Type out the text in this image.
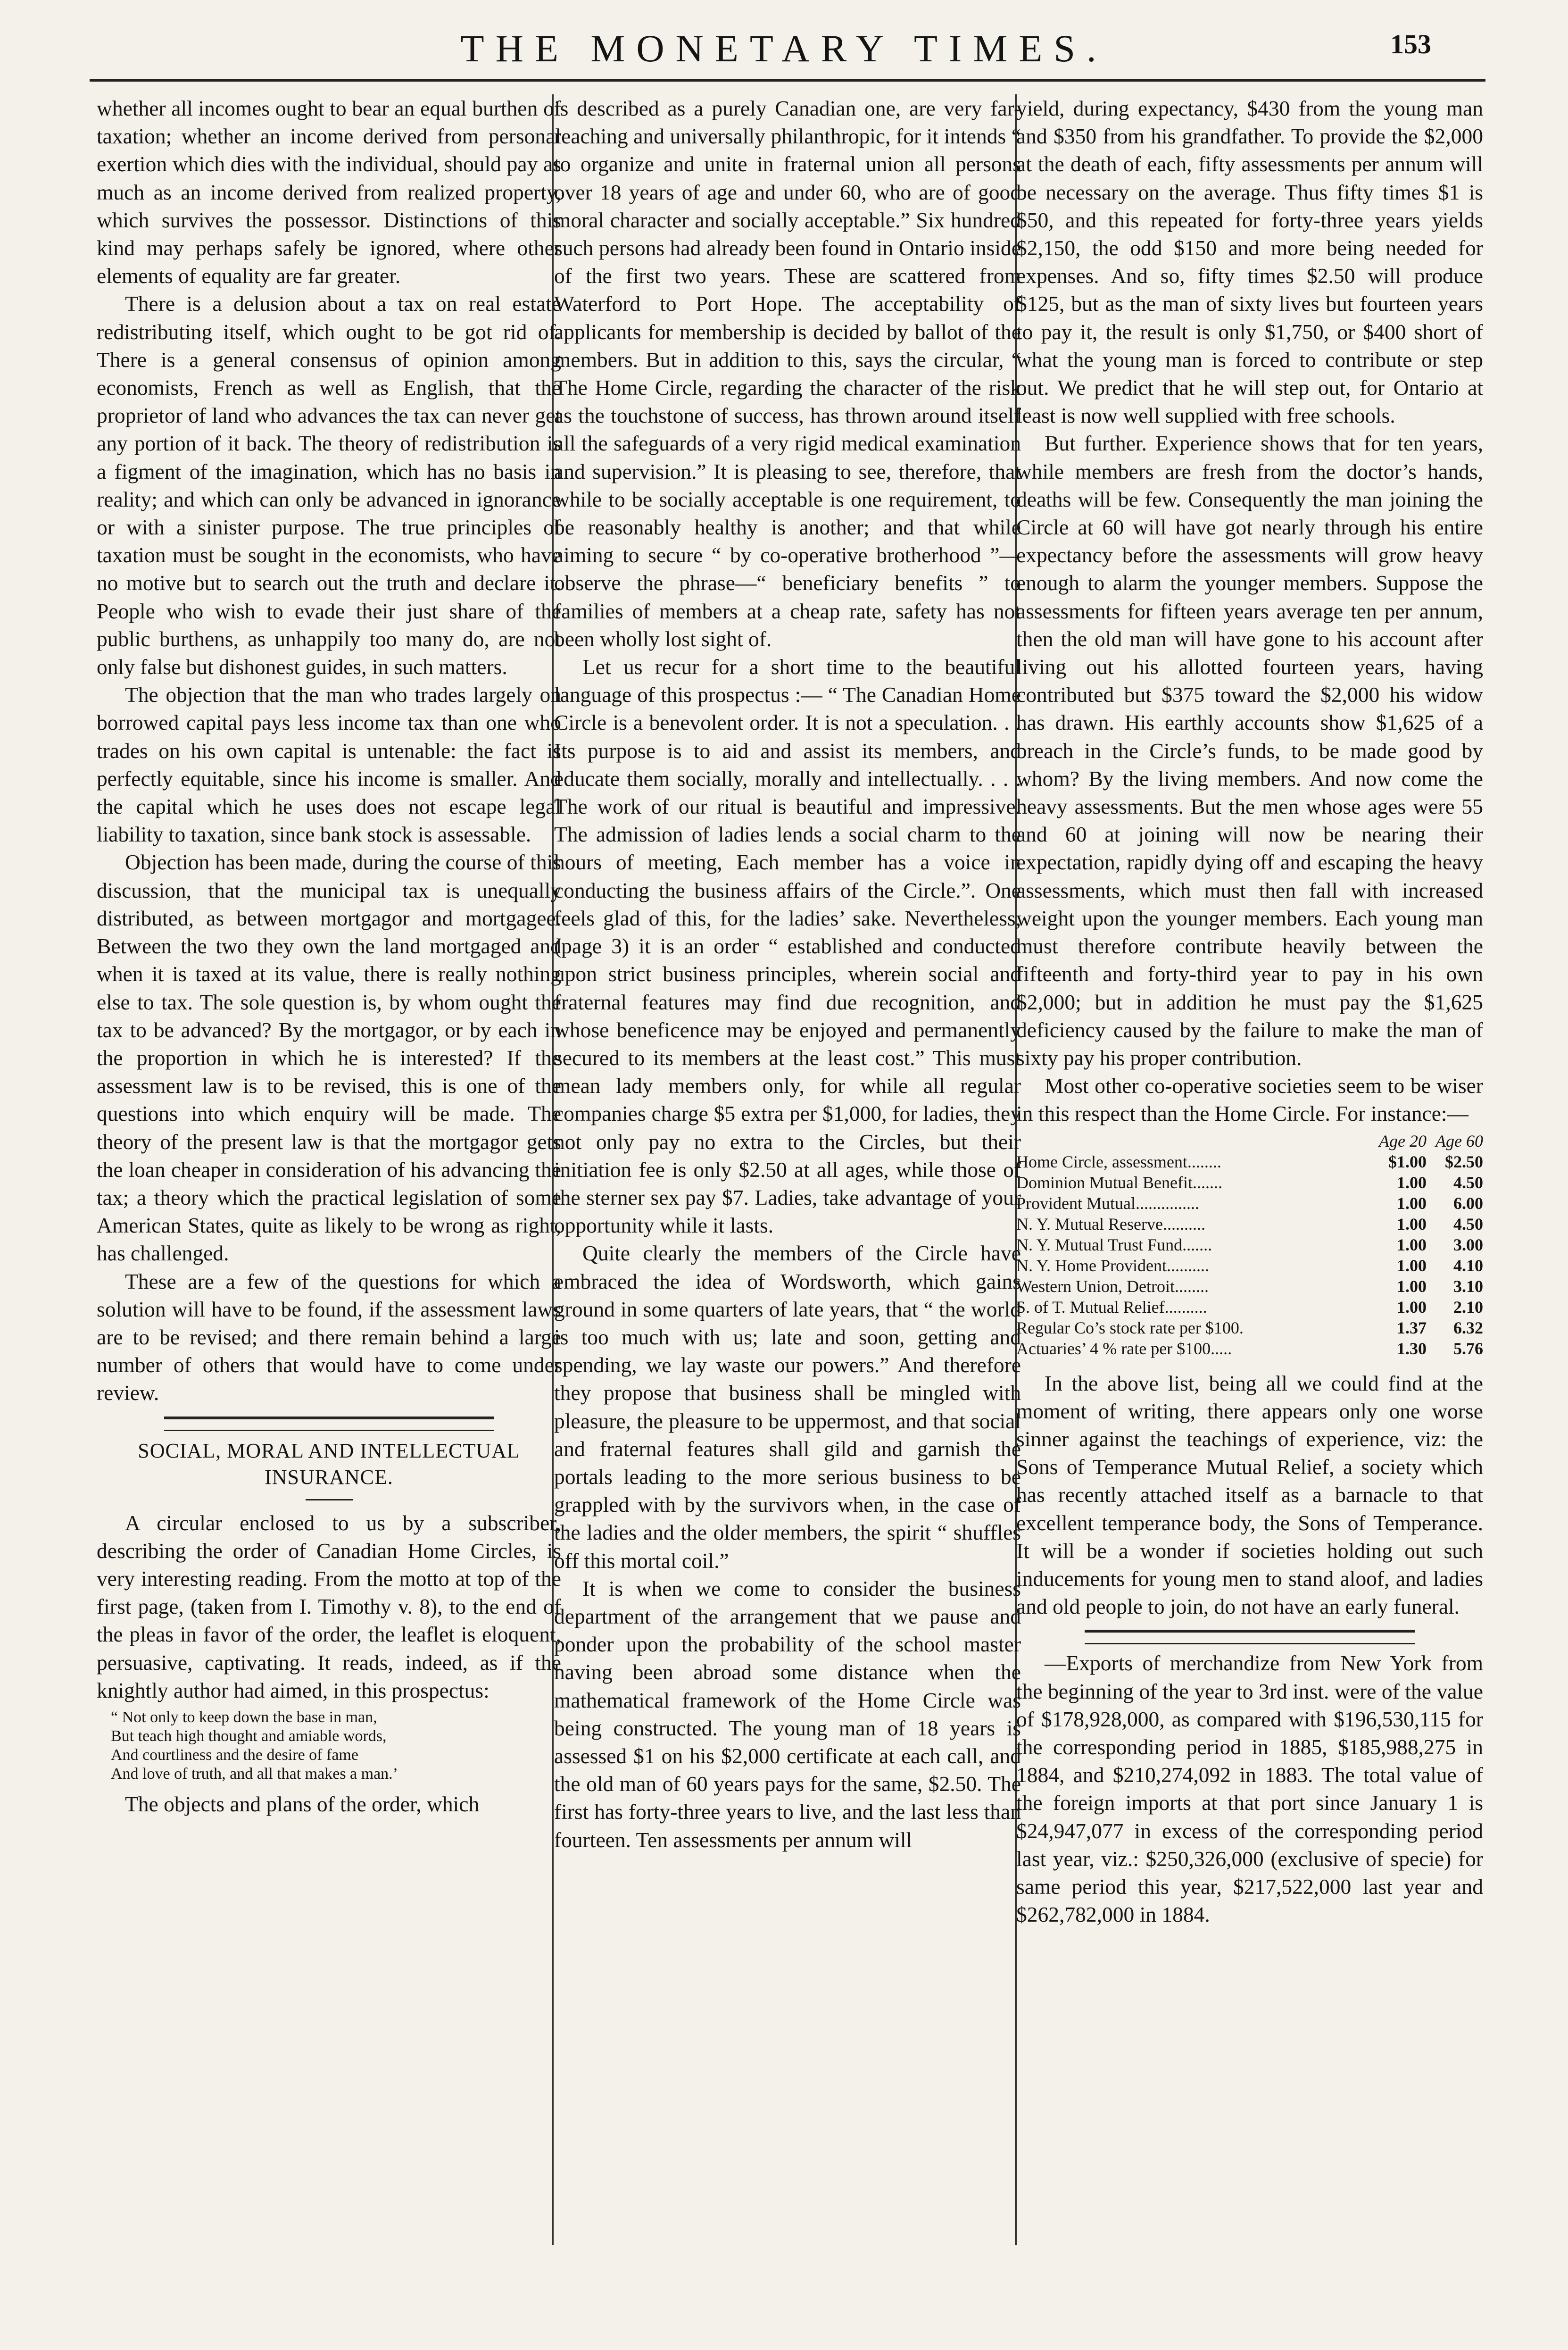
THE MONETARY TIMES.	153

whether all incomes ought to bear an equal burthen of taxation; whether an income derived from personal exertion which dies with the individual, should pay as much as an income derived from realized property, which survives the possessor. Distinctions of this kind may perhaps safely be ignored, where other elements of equality are far greater.

There is a delusion about a tax on real estate redistributing itself, which ought to be got rid of. There is a general consensus of opinion among economists, French as well as English, that the proprietor of land who advances the tax can never get any portion of it back. The theory of redistribution is a figment of the imagination, which has no basis in reality; and which can only be advanced in ignorance or with a sinister purpose. The true principles of taxation must be sought in the economists, who have no motive but to search out the truth and declare it. People who wish to evade their just share of the public burthens, as unhappily too many do, are not only false but dishonest guides, in such matters.

The objection that the man who trades largely on borrowed capital pays less income tax than one who trades on his own capital is untenable: the fact is perfectly equitable, since his income is smaller. And the capital which he uses does not escape legal liability to taxation, since bank stock is assessable.

Objection has been made, during the course of this discussion, that the municipal tax is unequally distributed, as between mortgagor and mortgagee. Between the two they own the land mortgaged and when it is taxed at its value, there is really nothing else to tax. The sole question is, by whom ought the tax to be advanced? By the mortgagor, or by each in the proportion in which he is interested? If the assessment law is to be revised, this is one of the questions into which enquiry will be made. The theory of the present law is that the mortgagor gets the loan cheaper in consideration of his advancing the tax; a theory which the practical legislation of some American States, quite as likely to be wrong as right, has challenged.

These are a few of the questions for which a solution will have to be found, if the assessment laws are to be revised; and there remain behind a large number of others that would have to come under review.

SOCIAL, MORAL AND INTELLECTUAL INSURANCE.

A circular enclosed to us by a subscriber, describing the order of Canadian Home Circles, is very interesting reading. From the motto at top of the first page, (taken from I. Timothy v. 8), to the end of the pleas in favor of the order, the leaflet is eloquent, persuasive, captivating. It reads, indeed, as if the knightly author had aimed, in this prospectus:

“ Not only to keep down the base in man,
But teach high thought and amiable words,
And courtliness and the desire of fame
And love of truth, and all that makes a man.’

The objects and plans of the order, which

is described as a purely Canadian one, are very far-reaching and universally philanthropic, for it intends “ to organize and unite in fraternal union all persons over 18 years of age and under 60, who are of good moral character and socially acceptable.” Six hundred such persons had already been found in Ontario inside of the first two years. These are scattered from Waterford to Port Hope. The acceptability of applicants for membership is decided by ballot of the members. But in addition to this, says the circular, “ The Home Circle, regarding the character of the risk as the touchstone of success, has thrown around itself all the safeguards of a very rigid medical examination and supervision.” It is pleasing to see, therefore, that while to be socially acceptable is one requirement, to be reasonably healthy is another; and that while aiming to secure “ by co-operative brotherhood ”—observe the phrase—“ beneficiary benefits ” to families of members at a cheap rate, safety has not been wholly lost sight of.

Let us recur for a short time to the beautiful language of this prospectus :— “ The Canadian Home Circle is a benevolent order. It is not a speculation. . . Its purpose is to aid and assist its members, and educate them socially, morally and intellectually. . . . The work of our ritual is beautiful and impressive. The admission of ladies lends a social charm to the hours of meeting, Each member has a voice in conducting the business affairs of the Circle.”. One feels glad of this, for the ladies’ sake. Nevertheless, (page 3) it is an order “ established and conducted upon strict business principles, wherein social and fraternal features may find due recognition, and whose beneficence may be enjoyed and permanently secured to its members at the least cost.” This must mean lady members only, for while all regular companies charge $5 extra per $1,000, for ladies, they not only pay no extra to the Circles, but their initiation fee is only $2.50 at all ages, while those of the sterner sex pay $7. Ladies, take advantage of your opportunity while it lasts.

Quite clearly the members of the Circle have embraced the idea of Wordsworth, which gains ground in some quarters of late years, that “ the world is too much with us; late and soon, getting and spending, we lay waste our powers.” And therefore they propose that business shall be mingled with pleasure, the pleasure to be uppermost, and that social and fraternal features shall gild and garnish the portals leading to the more serious business to be grappled with by the survivors when, in the case of the ladies and the older members, the spirit “ shuffles off this mortal coil.”

It is when we come to consider the business department of the arrangement that we pause and ponder upon the probability of the school master having been abroad some distance when the mathematical framework of the Home Circle was being constructed. The young man of 18 years is assessed $1 on his $2,000 certificate at each call, and the old man of 60 years pays for the same, $2.50. The first has forty-three years to live, and the last less than fourteen. Ten assessments per annum will

yield, during expectancy, $430 from the young man and $350 from his grandfather. To provide the $2,000 at the death of each, fifty assessments per annum will be necessary on the average. Thus fifty times $1 is $50, and this repeated for forty-three years yields $2,150, the odd $150 and more being needed for expenses. And so, fifty times $2.50 will produce $125, but as the man of sixty lives but fourteen years to pay it, the result is only $1,750, or $400 short of what the young man is forced to contribute or step out. We predict that he will step out, for Ontario at least is now well supplied with free schools.

But further. Experience shows that for ten years, while members are fresh from the doctor’s hands, deaths will be few. Consequently the man joining the Circle at 60 will have got nearly through his entire expectancy before the assessments will grow heavy enough to alarm the younger members. Suppose the assessments for fifteen years average ten per annum, then the old man will have gone to his account after living out his allotted fourteen years, having contributed but $375 toward the $2,000 his widow has drawn. His earthly accounts show $1,625 of a breach in the Circle’s funds, to be made good by whom? By the living members. And now come the heavy assessments. But the men whose ages were 55 and 60 at joining will now be nearing their expectation, rapidly dying off and escaping the heavy assessments, which must then fall with increased weight upon the younger members. Each young man must therefore contribute heavily between the fifteenth and forty-third year to pay in his own $2,000; but in addition he must pay the $1,625 deficiency caused by the failure to make the man of sixty pay his proper contribution.

Most other co-operative societies seem to be wiser in this respect than the Home Circle. For instance:—

	Age 20	Age 60
Home Circle, assessment........	$1.00	$2.50
Dominion Mutual Benefit.......	1.00	4.50
Provident Mutual...............	1.00	6.00
N. Y. Mutual Reserve..........	1.00	4.50
N. Y. Mutual Trust Fund.......	1.00	3.00
N. Y. Home Provident..........	1.00	4.10
Western Union, Detroit........	1.00	3.10
S. of T. Mutual Relief..........	1.00	2.10
Regular Co’s stock rate per $100.	1.37	6.32
Actuaries’ 4 % rate per $100.....	1.30	5.76

In the above list, being all we could find at the moment of writing, there appears only one worse sinner against the teachings of experience, viz: the Sons of Temperance Mutual Relief, a society which has recently attached itself as a barnacle to that excellent temperance body, the Sons of Temperance. It will be a wonder if societies holding out such inducements for young men to stand aloof, and ladies and old people to join, do not have an early funeral.

—Exports of merchandize from New York from the beginning of the year to 3rd inst. were of the value of $178,928,000, as compared with $196,530,115 for the corresponding period in 1885, $185,988,275 in 1884, and $210,274,092 in 1883. The total value of the foreign imports at that port since January 1 is $24,947,077 in excess of the corresponding period last year, viz.: $250,326,000 (exclusive of specie) for same period this year, $217,522,000 last year and $262,782,000 in 1884.
